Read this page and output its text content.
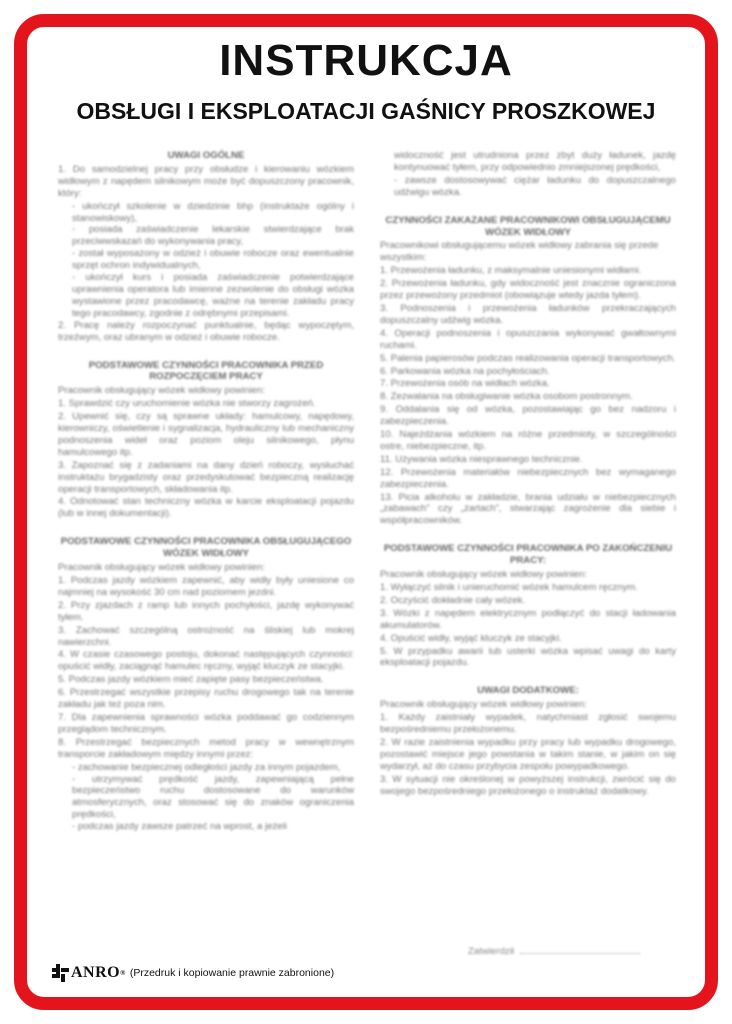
INSTRUKCJA
OBSŁUGI I EKSPLOATACJI GAŚNICY PROSZKOWEJ
UWAGI OGÓLNE
1. Do samodzielnej pracy przy obsłudze i kierowaniu wózkiem widłowym z napędem silnikowym może być dopuszczony pracownik, który:
- ukończył szkolenie w dziedzinie bhp (instruktaże ogólny i stanowiskowy),
- posiada zaświadczenie lekarskie stwierdzające brak przeciwwskazań do wykonywania pracy,
- został wyposażony w odzież i obuwie robocze oraz ewentualnie sprzęt ochron indywidualnych,
- ukończył kurs i posiada zaświadczenie potwierdzające uprawnienia operatora lub imienne zezwolenie do obsługi wózka wystawione przez pracodawcę, ważne na terenie zakładu pracy tego pracodawcy, zgodnie z odrębnymi przepisami.
2. Pracę należy rozpoczynać punktualnie, będąc wypoczętym, trzeźwym, oraz ubranym w odzież i obuwie robocze.
PODSTAWOWE CZYNNOŚCI PRACOWNIKA PRZED ROZPOCZĘCIEM PRACY
Pracownik obsługujący wózek widłowy powinien:
1. Sprawdzić czy uruchomienie wózka nie stworzy zagrożeń.
2. Upewnić się, czy są sprawne układy: hamulcowy, napędowy, kierowniczy, oświetlenie i sygnalizacja, hydrauliczny lub mechaniczny podnoszenia wideł oraz poziom oleju silnikowego, płynu hamulcowego itp.
3. Zapoznać się z zadaniami na dany dzień roboczy, wysłuchać instruktażu brygadzisty oraz przedyskutować bezpieczną realizację operacji transportowych, składowania itp.
4. Odnotować stan techniczny wózka w karcie eksploatacji pojazdu (lub w innej dokumentacji).
PODSTAWOWE CZYNNOŚCI PRACOWNIKA OBSŁUGUJĄCEGO WÓZEK WIDŁOWY
Pracownik obsługujący wózek widłowy powinien:
1. Podczas jazdy wózkiem zapewnić, aby widły były uniesione co najmniej na wysokość 30 cm nad poziomem jezdni.
2. Przy zjazdach z ramp lub innych pochyłości, jazdę wykonywać tyłem.
3. Zachować szczególną ostrożność na śliskiej lub mokrej nawierzchni.
4. W czasie czasowego postoju, dokonać następujących czynności: opuścić widły, zaciągnąć hamulec ręczny, wyjąć kluczyk ze stacyjki.
5. Podczas jazdy wózkiem mieć zapięte pasy bezpieczeństwa.
6. Przestrzegać wszystkie przepisy ruchu drogowego tak na terenie zakładu jak też poza nim.
7. Dla zapewnienia sprawności wózka poddawać go codziennym przeglądom technicznym.
8. Przestrzegać bezpiecznych metod pracy w wewnętrznym transporcie zakładowym między innymi przez:
- zachowanie bezpiecznej odległości jazdy za innym pojazdem,
- utrzymywać prędkość jazdy, zapewniającą pełne bezpieczeństwo ruchu dostosowane do warunków atmosferycznych, oraz stosować się do znaków ograniczenia prędkości,
- podczas jazdy zawsze patrzeć na wprost, a jeżeli
widoczność jest utrudniona przez zbyt duży ładunek, jazdę kontynuować tyłem, przy odpowiednio zmniejszonej prędkości,
- zawsze dostosowywać ciężar ładunku do dopuszczalnego udźwigu wózka.
CZYNNOŚCI ZAKAZANE PRACOWNIKOWI OBSŁUGUJĄCEMU WÓZEK WIDŁOWY
Pracownikowi obsługującemu wózek widłowy zabrania się przede wszystkim:
1. Przewożenia ładunku, z maksymalnie uniesionymi widłami.
2. Przewożenia ładunku, gdy widoczność jest znacznie ograniczona przez przewożony przedmiot (obowiązuje wtedy jazda tyłem).
3. Podnoszenia i przewożenia ładunków przekraczających dopuszczalny udźwig wózka.
4. Operacji podnoszenia i opuszczania wykonywać gwałtownymi ruchami.
5. Palenia papierosów podczas realizowania operacji transportowych.
6. Parkowania wózka na pochyłościach.
7. Przewożenia osób na widłach wózka.
8. Zezwalania na obsługiwanie wózka osobom postronnym.
9. Oddalania się od wózka, pozostawiając go bez nadzoru i zabezpieczenia.
10. Najeżdżania wózkiem na różne przedmioty, w szczególności ostre, niebezpieczne, itp.
11. Używania wózka niesprawnego technicznie.
12. Przewożenia materiałów niebezpiecznych bez wymaganego zabezpieczenia.
13. Picia alkoholu w zakładzie, brania udziału w niebezpiecznych „zabawach” czy „żartach”, stwarzając zagrożenie dla siebie i współpracowników.
PODSTAWOWE CZYNNOŚCI PRACOWNIKA PO ZAKOŃCZENIU PRACY:
Pracownik obsługujący wózek widłowy powinien:
1. Wyłączyć silnik i unieruchomić wózek hamulcem ręcznym.
2. Oczyścić dokładnie cały wózek.
3. Wózki z napędem elektrycznym podłączyć do stacji ładowania akumulatorów.
4. Opuścić widły, wyjąć kluczyk ze stacyjki.
5. W przypadku awarii lub usterki wózka wpisać uwagi do karty eksploatacji pojazdu.
UWAGI DODATKOWE:
Pracownik obsługujący wózek widłowy powinien:
1. Każdy zaistniały wypadek, natychmiast zgłosić swojemu bezpośredniemu przełożonemu.
2. W razie zaistnienia wypadku przy pracy lub wypadku drogowego, pozostawić miejsce jego powstania w takim stanie, w jakim on się wydarzył, aż do czasu przybycia zespołu powypadkowego.
3. W sytuacji nie określonej w powyższej instrukcji, zwrócić się do swojego bezpośredniego przełożonego o instruktaż dodatkowy.
Zatwierdził
ANRO ® (Przedruk i kopiowanie prawnie zabronione)
